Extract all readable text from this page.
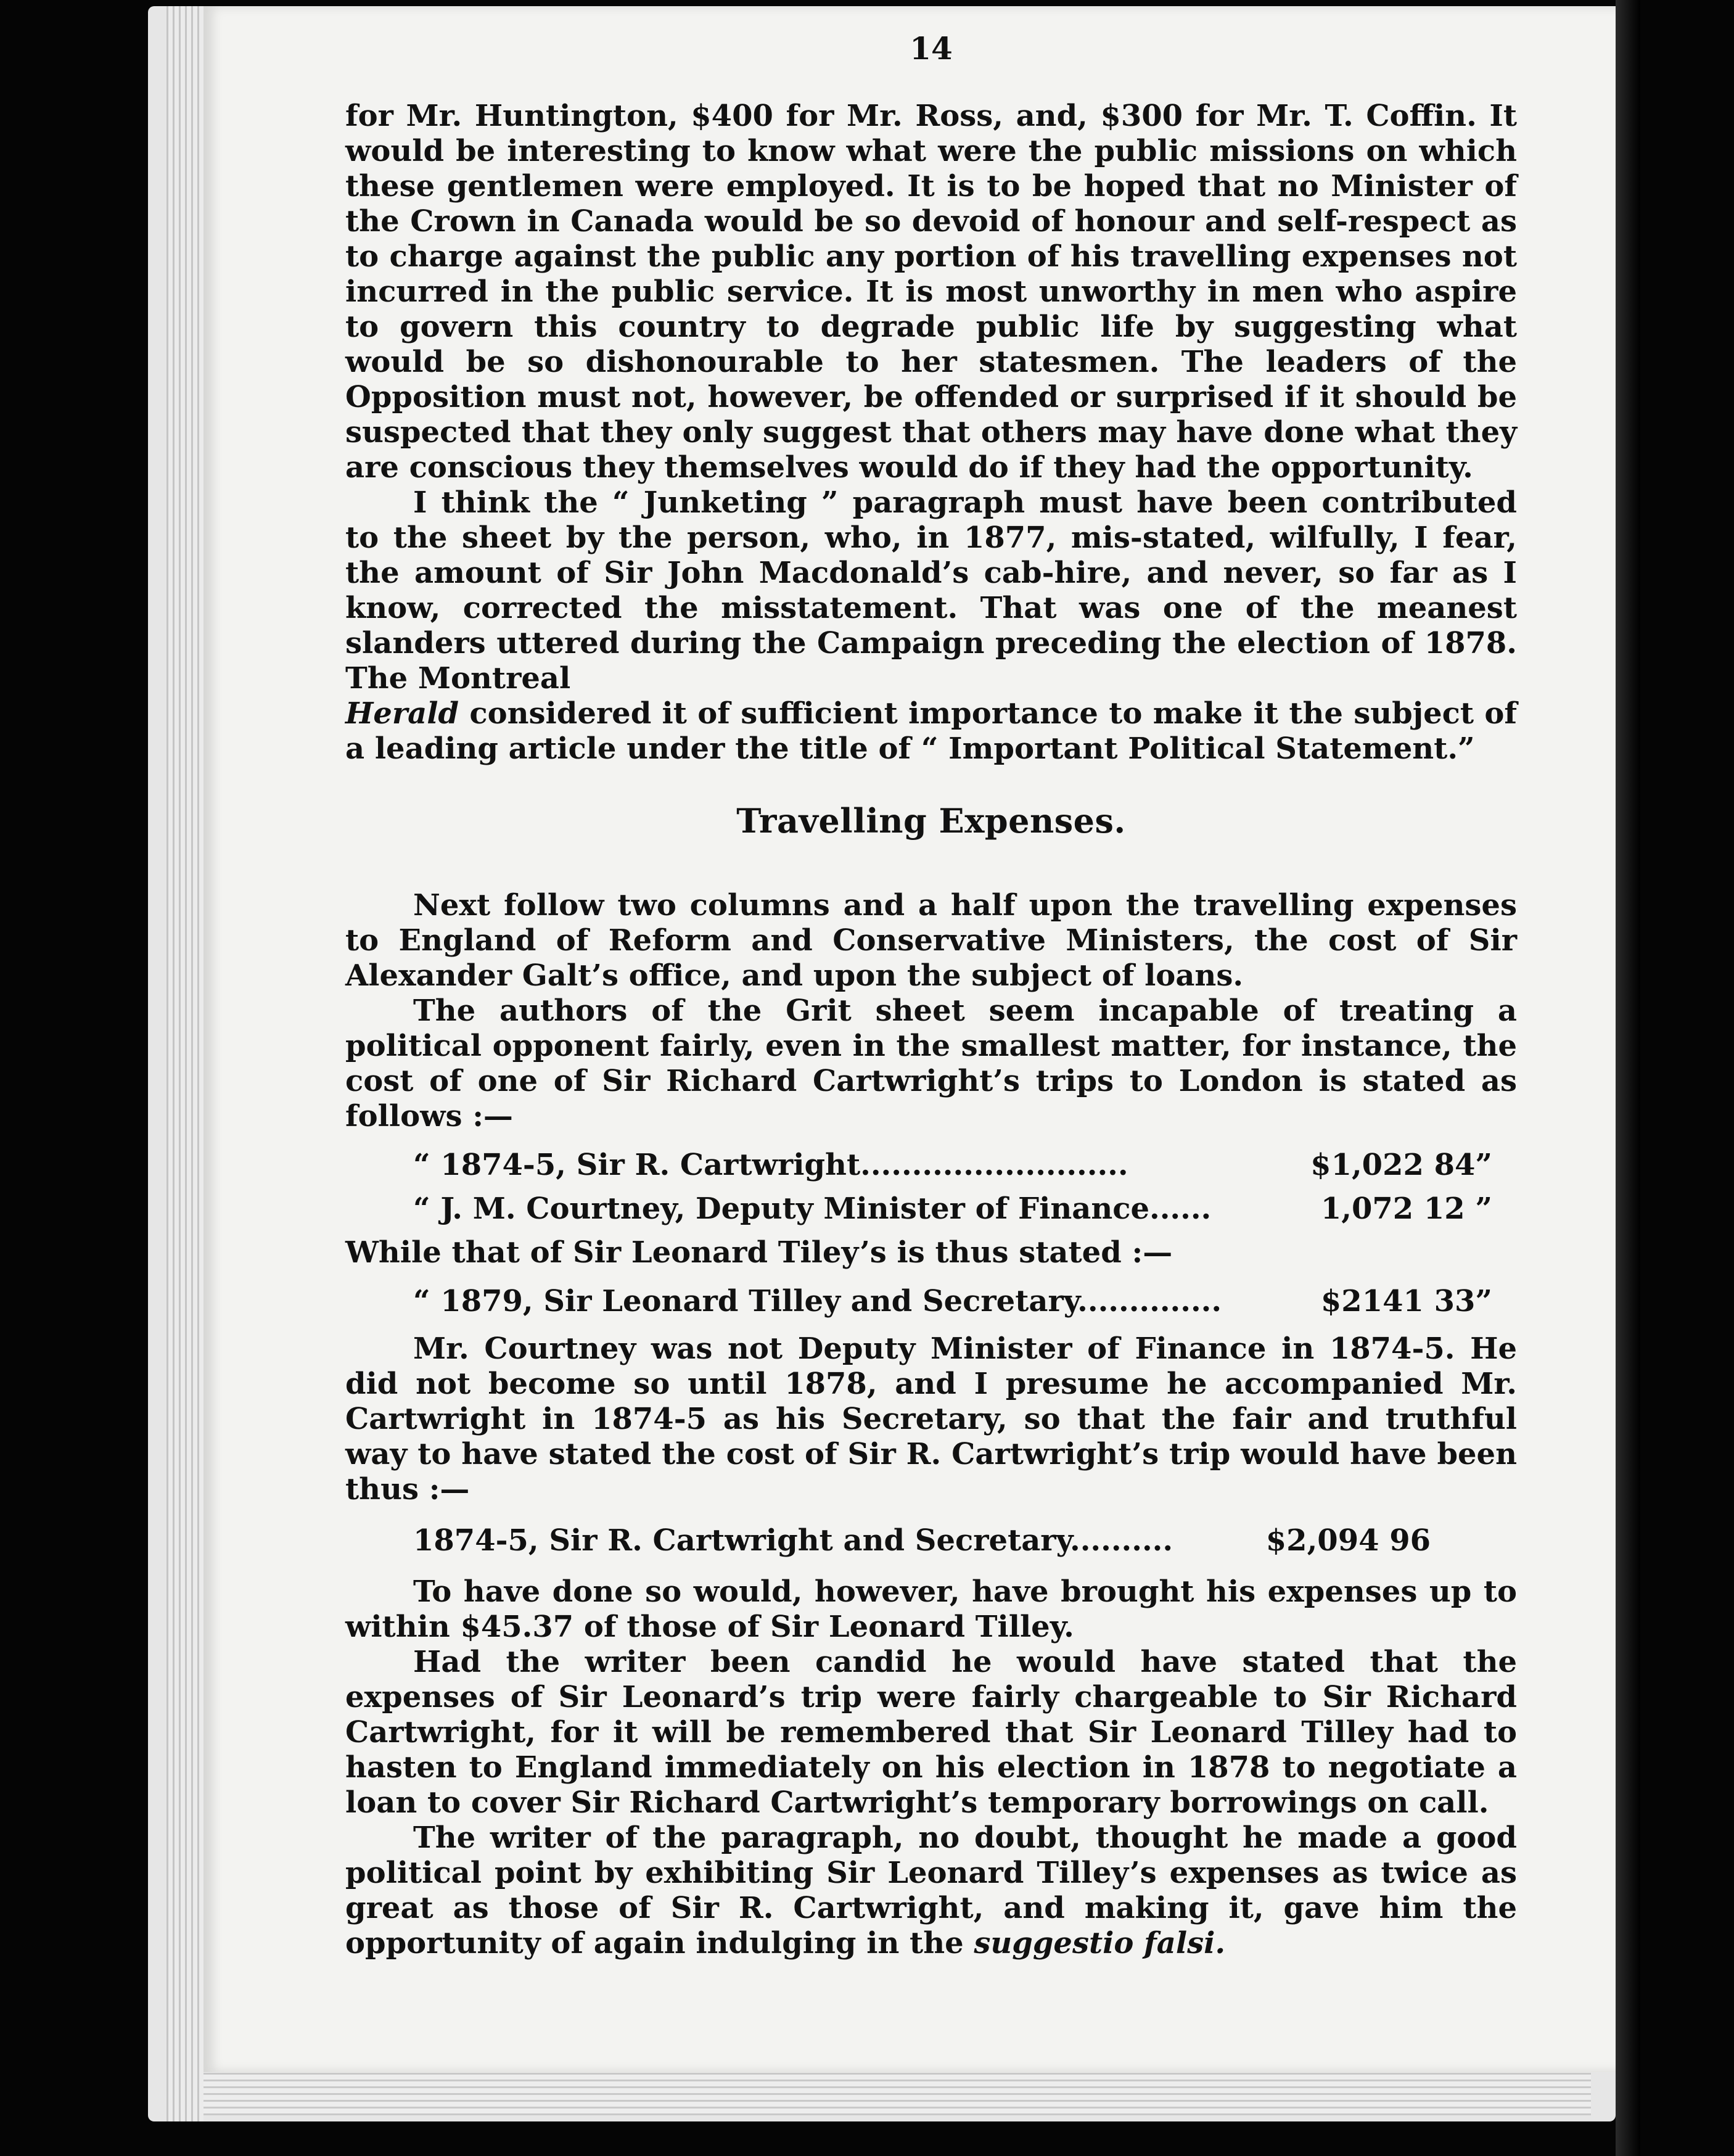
14

for Mr. Huntington, $400 for Mr. Ross, and, $300 for Mr. T. Coffin. It would be interesting to know what were the public missions on which these gentlemen were employed. It is to be hoped that no Minister of the Crown in Canada would be so devoid of honour and self-respect as to charge against the public any portion of his travelling expenses not incurred in the public service. It is most unworthy in men who aspire to govern this country to degrade public life by suggesting what would be so dishonourable to her statesmen. The leaders of the Opposition must not, however, be offended or surprised if it should be suspected that they only suggest that others may have done what they are conscious they themselves would do if they had the opportunity.

I think the “ Junketing ” paragraph must have been contributed to the sheet by the person, who, in 1877, mis-stated, wilfully, I fear, the amount of Sir John Macdonald’s cab-hire, and never, so far as I know, corrected the misstatement. That was one of the meanest slanders uttered during the Campaign preceding the election of 1878. The Montreal

Herald considered it of sufficient importance to make it the subject of a leading article under the title of “ Important Political Statement.”

Travelling Expenses.

Next follow two columns and a half upon the travelling expenses to England of Reform and Conservative Ministers, the cost of Sir Alexander Galt’s office, and upon the subject of loans.

The authors of the Grit sheet seem incapable of treating a political opponent fairly, even in the smallest matter, for instance, the cost of one of Sir Richard Cartwright’s trips to London is stated as follows :—

“ 1874-5, Sir R. Cartwright..........................	$1,022 84”
“ J. M. Courtney, Deputy Minister of Finance......	1,072 12 ”

While that of Sir Leonard Tiley’s is thus stated :—

“ 1879, Sir Leonard Tilley and Secretary..............	$2141 33”

Mr. Courtney was not Deputy Minister of Finance in 1874-5. He did not become so until 1878, and I presume he accompanied Mr. Cartwright in 1874-5 as his Secretary, so that the fair and truthful way to have stated the cost of Sir R. Cartwright’s trip would have been thus :—

1874-5, Sir R. Cartwright and Secretary..........	$2,094 96

To have done so would, however, have brought his expenses up to within $45.37 of those of Sir Leonard Tilley.

Had the writer been candid he would have stated that the expenses of Sir Leonard’s trip were fairly chargeable to Sir Richard Cartwright, for it will be remembered that Sir Leonard Tilley had to hasten to England immediately on his election in 1878 to negotiate a loan to cover Sir Richard Cartwright’s temporary borrowings on call.

The writer of the paragraph, no doubt, thought he made a good political point by exhibiting Sir Leonard Tilley’s expenses as twice as great as those of Sir R. Cartwright, and making it, gave him the opportunity of again indulging in the suggestio falsi.
